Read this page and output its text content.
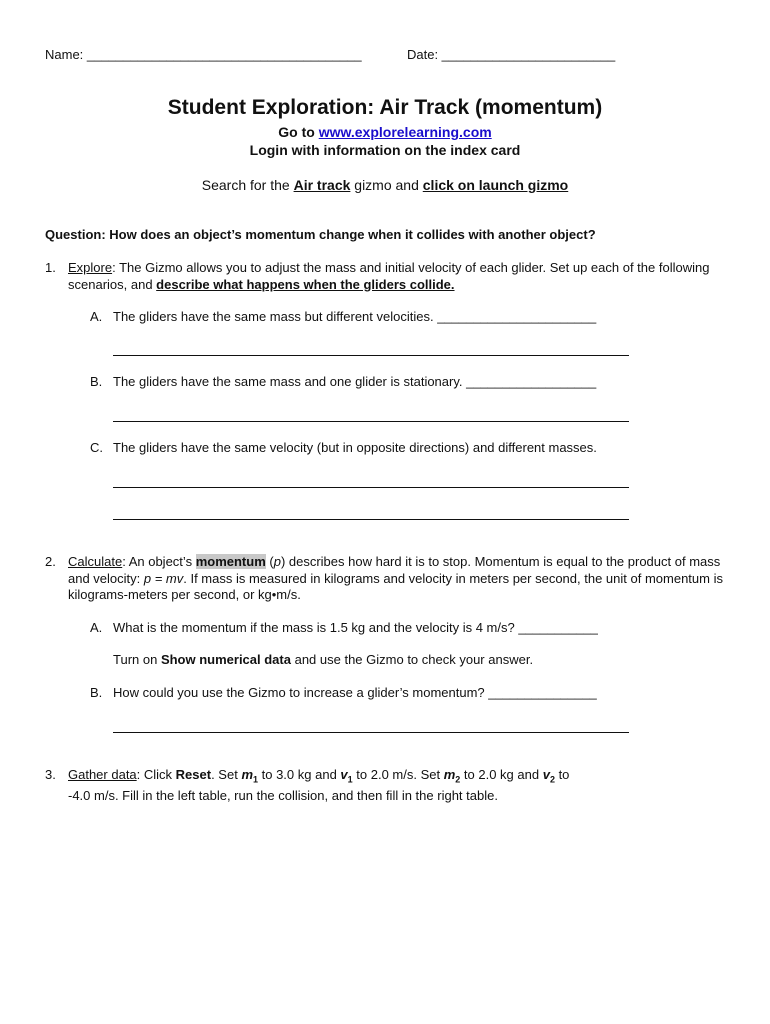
Name: ______________________________________	Date: ________________________
Student Exploration: Air Track (momentum)
Go to www.explorelearning.com
Login with information on the index card
Search for the Air track gizmo and click on launch gizmo
Question: How does an object’s momentum change when it collides with another object?
1. Explore: The Gizmo allows you to adjust the mass and initial velocity of each glider. Set up each of the following scenarios, and describe what happens when the gliders collide.
A. The gliders have the same mass but different velocities. ______________________
B. The gliders have the same mass and one glider is stationary. __________________
C. The gliders have the same velocity (but in opposite directions) and different masses.
2. Calculate: An object’s momentum (p) describes how hard it is to stop. Momentum is equal to the product of mass and velocity: p = mv. If mass is measured in kilograms and velocity in meters per second, the unit of momentum is kilograms-meters per second, or kg•m/s.
A. What is the momentum if the mass is 1.5 kg and the velocity is 4 m/s? ___________
Turn on Show numerical data and use the Gizmo to check your answer.
B. How could you use the Gizmo to increase a glider’s momentum? _______________
3. Gather data: Click Reset. Set $m_1$ to 3.0 kg and $v_1$ to 2.0 m/s. Set $m_2$ to 2.0 kg and $v_2$ to
-4.0 m/s. Fill in the left table, run the collision, and then fill in the right table.
